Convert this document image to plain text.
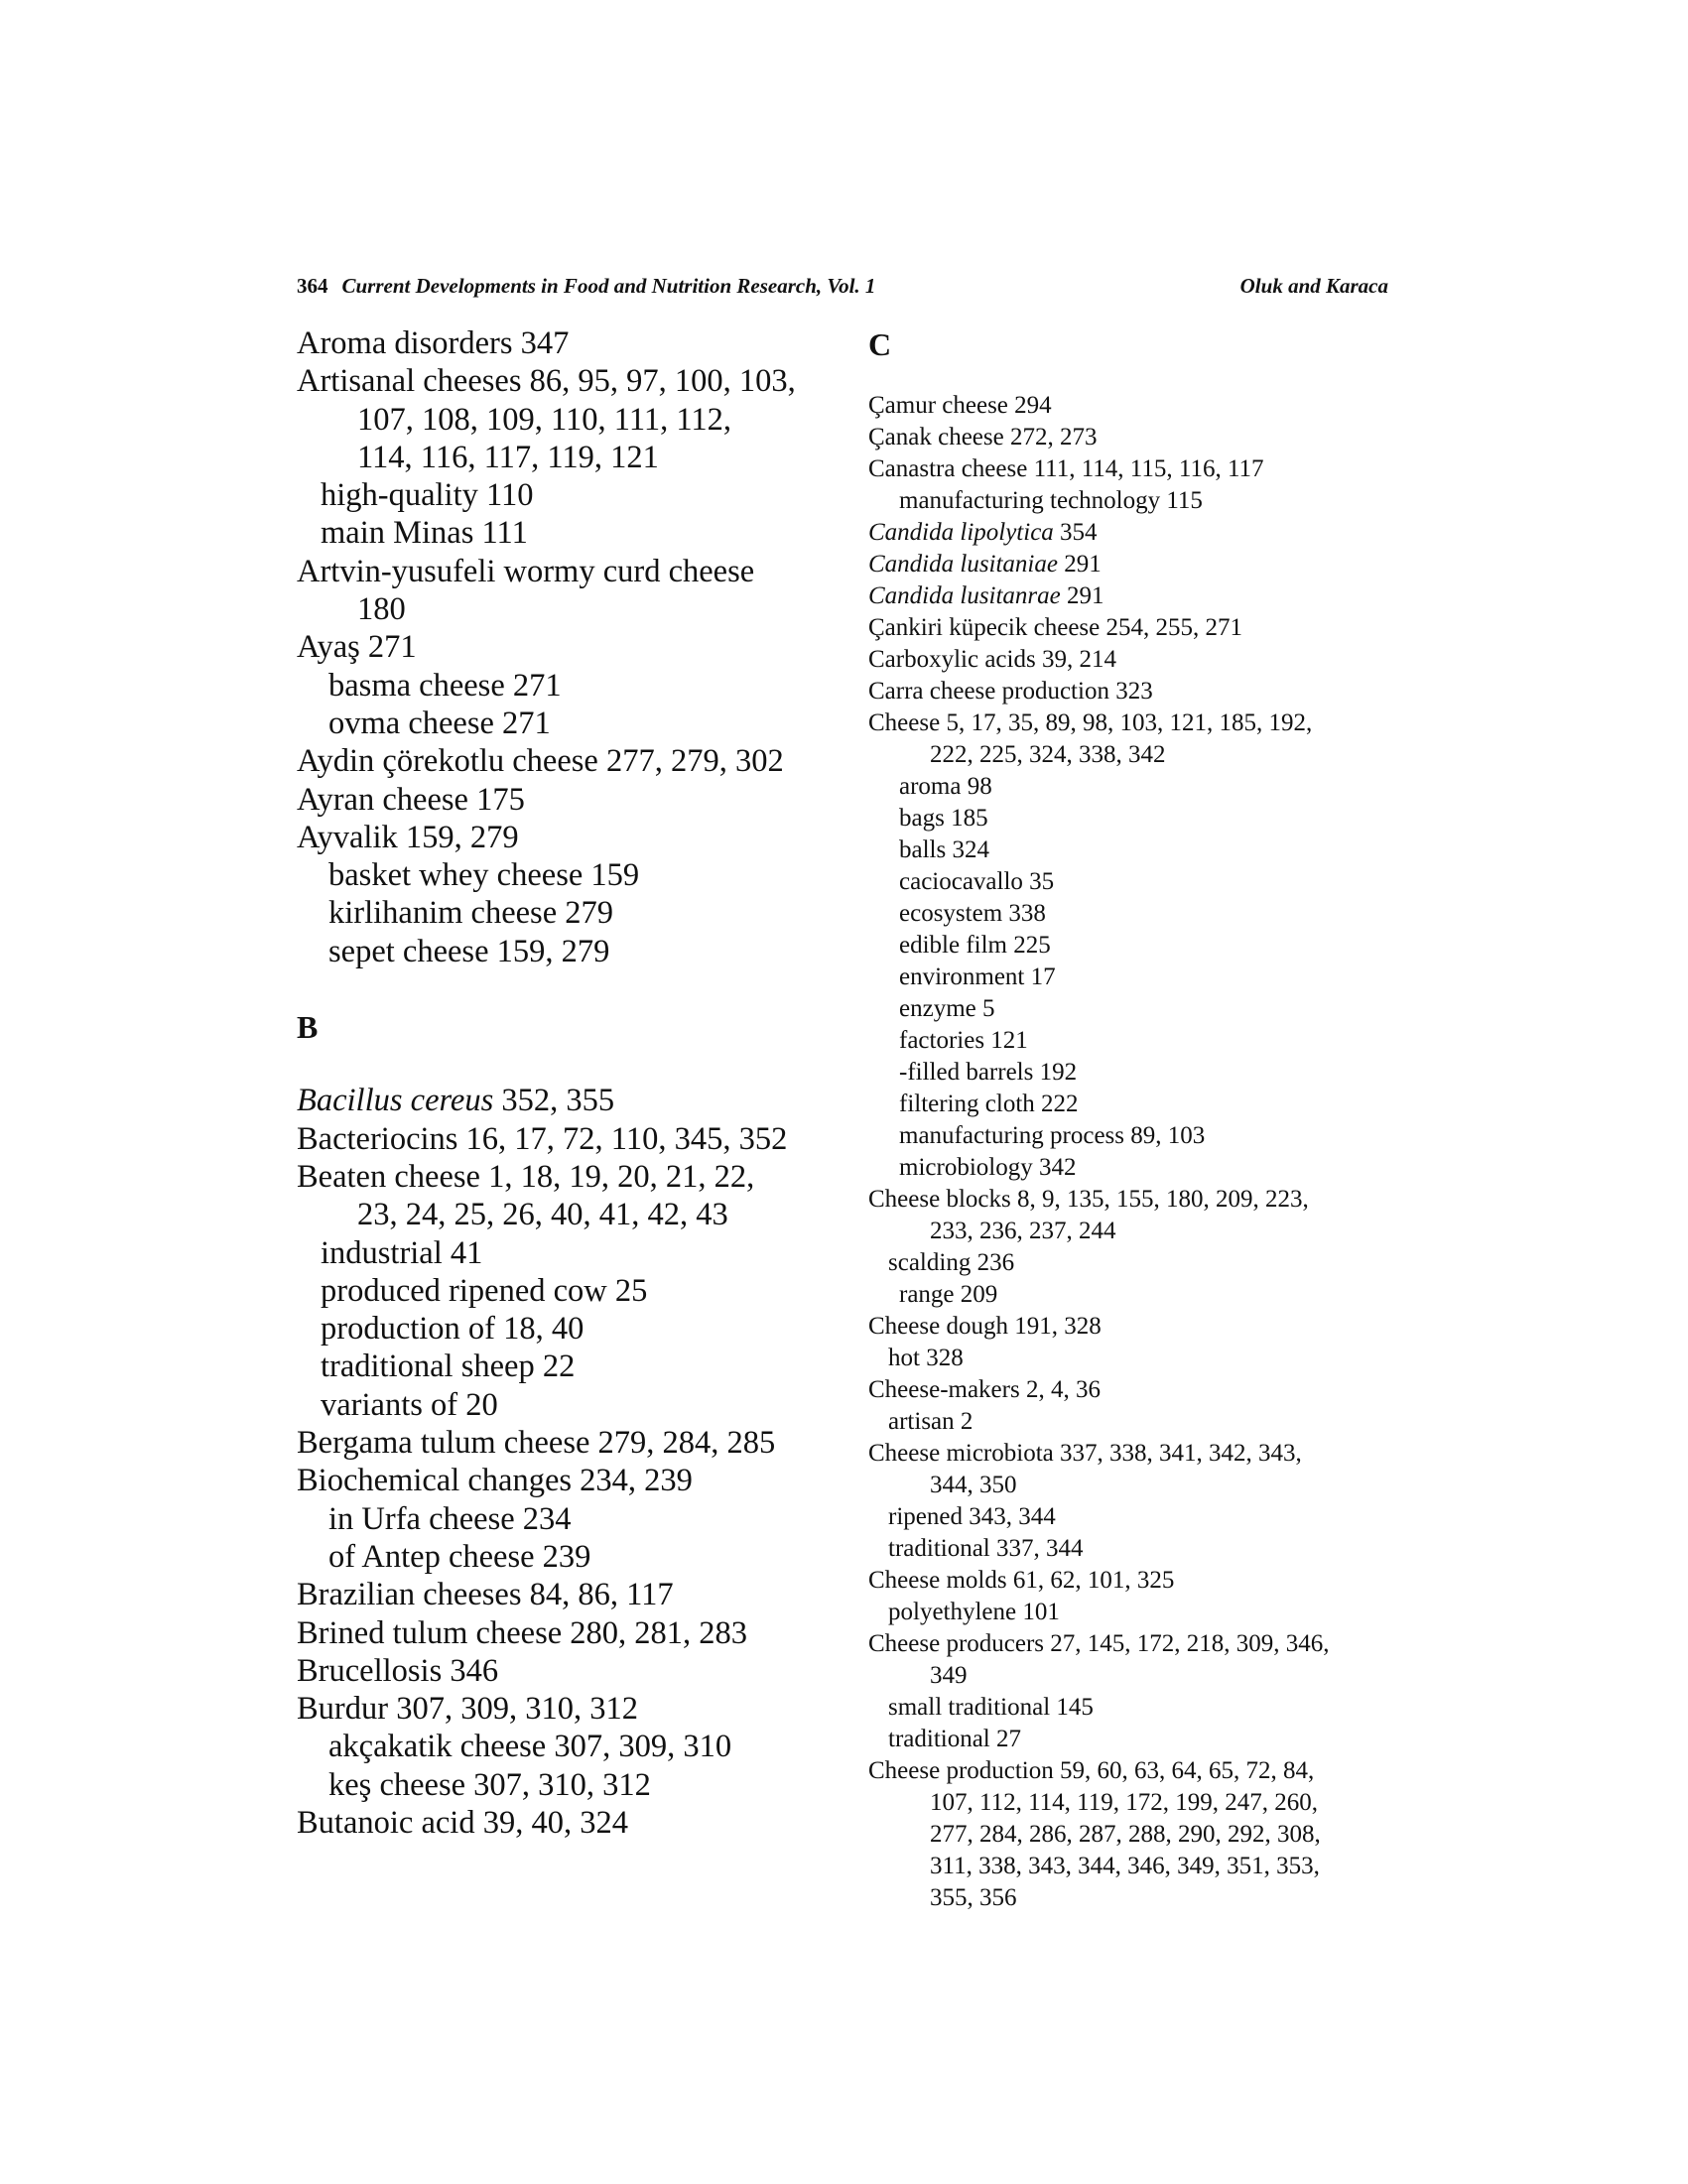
364 Current Developments in Food and Nutrition Research, Vol. 1	Oluk and Karaca
Aroma disorders 347
Artisanal cheeses 86, 95, 97, 100, 103,
107, 108, 109, 110, 111, 112,
114, 116, 117, 119, 121
high-quality 110
main Minas 111
Artvin-yusufeli wormy curd cheese
180
Ayaş 271
basma cheese 271
ovma cheese 271
Aydin çörekotlu cheese 277, 279, 302
Ayran cheese 175
Ayvalik 159, 279
basket whey cheese 159
kirlihanim cheese 279
sepet cheese 159, 279
B
Bacillus cereus 352, 355
Bacteriocins 16, 17, 72, 110, 345, 352
Beaten cheese 1, 18, 19, 20, 21, 22,
23, 24, 25, 26, 40, 41, 42, 43
industrial 41
produced ripened cow 25
production of 18, 40
traditional sheep 22
variants of 20
Bergama tulum cheese 279, 284, 285
Biochemical changes 234, 239
in Urfa cheese 234
of Antep cheese 239
Brazilian cheeses 84, 86, 117
Brined tulum cheese 280, 281, 283
Brucellosis 346
Burdur 307, 309, 310, 312
akçakatik cheese 307, 309, 310
keş cheese 307, 310, 312
Butanoic acid 39, 40, 324
C
Çamur cheese 294
Çanak cheese 272, 273
Canastra cheese 111, 114, 115, 116, 117
manufacturing technology 115
Candida lipolytica 354
Candida lusitaniae 291
Candida lusitanrae 291
Çankiri küpecik cheese 254, 255, 271
Carboxylic acids 39, 214
Carra cheese production 323
Cheese 5, 17, 35, 89, 98, 103, 121, 185, 192,
222, 225, 324, 338, 342
aroma 98
bags 185
balls 324
caciocavallo 35
ecosystem 338
edible film 225
environment 17
enzyme 5
factories 121
-filled barrels 192
filtering cloth 222
manufacturing process 89, 103
microbiology 342
Cheese blocks 8, 9, 135, 155, 180, 209, 223,
233, 236, 237, 244
scalding 236
range 209
Cheese dough 191, 328
hot 328
Cheese-makers 2, 4, 36
artisan 2
Cheese microbiota 337, 338, 341, 342, 343,
344, 350
ripened 343, 344
traditional 337, 344
Cheese molds 61, 62, 101, 325
polyethylene 101
Cheese producers 27, 145, 172, 218, 309, 346,
349
small traditional 145
traditional 27
Cheese production 59, 60, 63, 64, 65, 72, 84,
107, 112, 114, 119, 172, 199, 247, 260,
277, 284, 286, 287, 288, 290, 292, 308,
311, 338, 343, 344, 346, 349, 351, 353,
355, 356
